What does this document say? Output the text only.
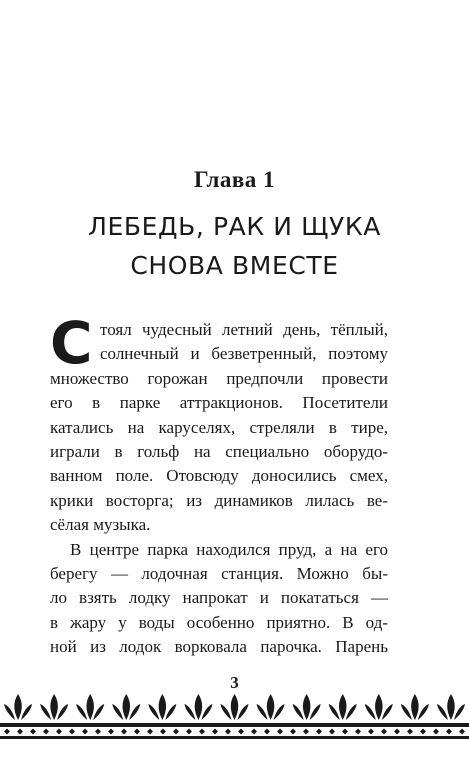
Глава 1
ЛЕБЕДЬ, РАК И ЩУКА
СНОВА ВМЕСТЕ

С тоял чудесный летний день, тёплый,
солнечный и безветренный, поэтому
множество горожан предпочли провести
его в парке аттракционов. Посетители
катались на каруселях, стреляли в тире,
играли в гольф на специально оборудо-
ванном поле. Отовсюду доносились смех,
крики восторга; из динамиков лилась ве-
сёлая музыка.

В центре парка находился пруд, а на его
берегу — лодочная станция. Можно бы-
ло взять лодку напрокат и покататься —
в жару у воды особенно приятно. В од-
ной из лодок ворковала парочка. Парень

3
